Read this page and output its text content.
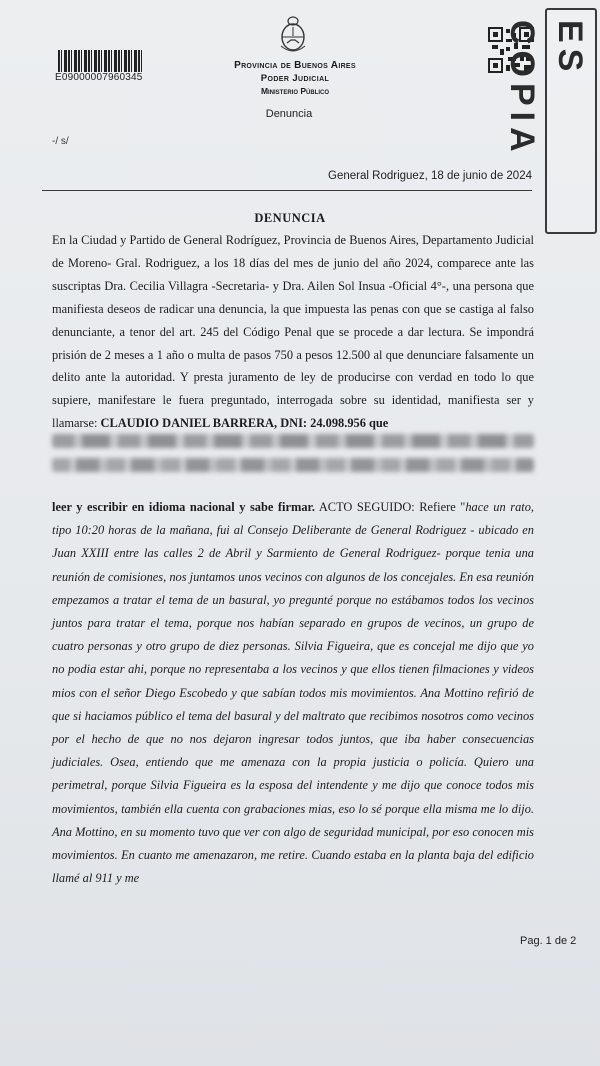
E09000007960345
Provincia de Buenos Aires
Poder Judicial
Ministerio Público
Denuncia
ES COPIA
-/ s/
General Rodriguez, 18 de junio de 2024
DENUNCIA

En la Ciudad y Partido de General Rodríguez, Provincia de Buenos Aires, Departamento Judicial de Moreno- Gral. Rodriguez, a los 18 días del mes de junio del año 2024, comparece ante las suscriptas Dra. Cecilia Villagra -Secretaria- y Dra. Ailen Sol Insua -Oficial 4°-, una persona que manifiesta deseos de radicar una denuncia, la que impuesta las penas con que se castiga al falso denunciante, a tenor del art. 245 del Código Penal que se procede a dar lectura. Se impondrá prisión de 2 meses a 1 año o multa de pasos 750 a pesos 12.500 al que denunciare falsamente un delito ante la autoridad. Y presta juramento de ley de producirse con verdad en todo lo que supiere, manifestare le fuera preguntado, interrogada sobre su identidad, manifiesta ser y llamarse: CLAUDIO DANIEL BARRERA, DNI: 24.098.956 que

leer y escribir en idioma nacional y sabe firmar. ACTO SEGUIDO: Refiere "hace un rato, tipo 10:20 horas de la mañana, fui al Consejo Deliberante de General Rodriguez - ubicado en Juan XXIII entre las calles 2 de Abril y Sarmiento de General Rodriguez- porque tenia una reunión de comisiones, nos juntamos unos vecinos con algunos de los concejales. En esa reunión empezamos a tratar el tema de un basural, yo pregunté porque no estábamos todos los vecinos juntos para tratar el tema, porque nos habían separado en grupos de vecinos, un grupo de cuatro personas y otro grupo de diez personas. Silvia Figueira, que es concejal me dijo que yo no podia estar ahi, porque no representaba a los vecinos y que ellos tienen filmaciones y videos mios con el señor Diego Escobedo y que sabían todos mis movimientos. Ana Mottino refirió de que si haciamos público el tema del basural y del maltrato que recibimos nosotros como vecinos por el hecho de que no nos dejaron ingresar todos juntos, que iba haber consecuencias judiciales. Osea, entiendo que me amenaza con la propia justicia o policía. Quiero una perimetral, porque Silvia Figueira es la esposa del intendente y me dijo que conoce todos mis movimientos, también ella cuenta con grabaciones mias, eso lo sé porque ella misma me lo dijo. Ana Mottino, en su momento tuvo que ver con algo de seguridad municipal, por eso conocen mis movimientos. En cuanto me amenazaron, me retire. Cuando estaba en la planta baja del edificio llamé al 911 y me

Pag. 1 de 2
